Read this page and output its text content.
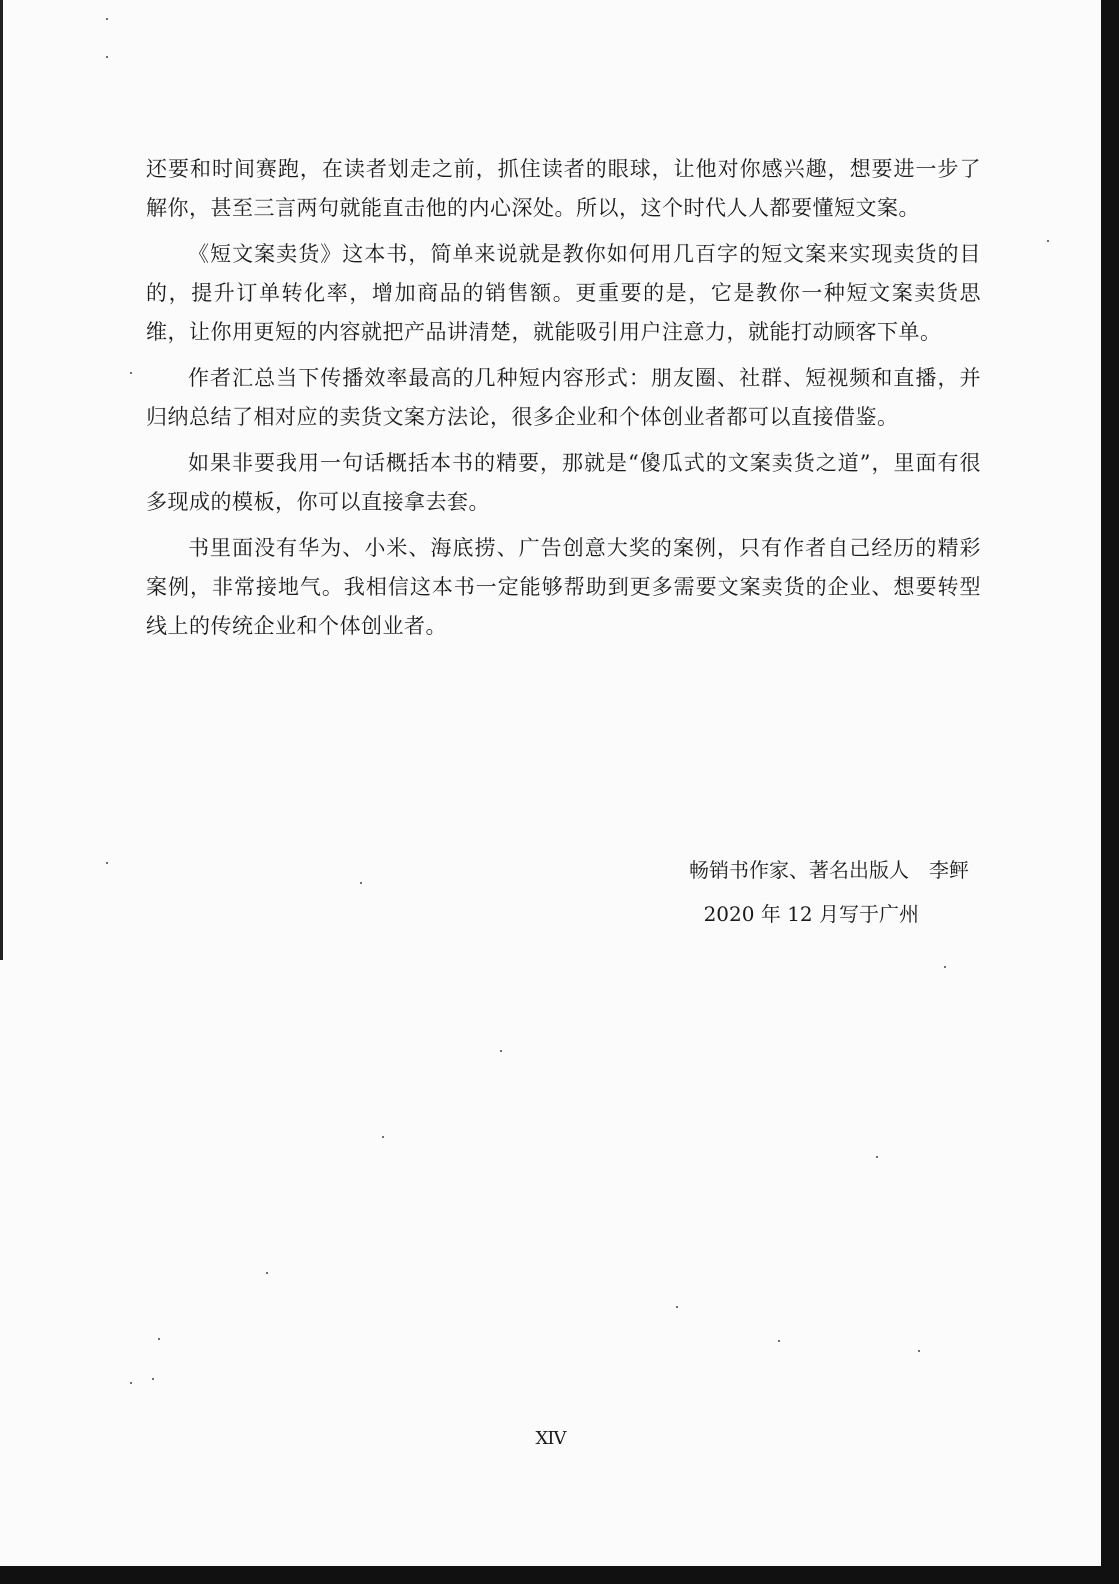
还要和时间赛跑，在读者划走之前，抓住读者的眼球，让他对你感兴趣，想要进一步了解你，甚至三言两句就能直击他的内心深处。所以，这个时代人人都要懂短文案。

《短文案卖货》这本书，简单来说就是教你如何用几百字的短文案来实现卖货的目的，提升订单转化率，增加商品的销售额。更重要的是，它是教你一种短文案卖货思维，让你用更短的内容就把产品讲清楚，就能吸引用户注意力，就能打动顾客下单。

作者汇总当下传播效率最高的几种短内容形式：朋友圈、社群、短视频和直播，并归纳总结了相对应的卖货文案方法论，很多企业和个体创业者都可以直接借鉴。

如果非要我用一句话概括本书的精要，那就是“傻瓜式的文案卖货之道”，里面有很多现成的模板，你可以直接拿去套。

书里面没有华为、小米、海底捞、广告创意大奖的案例，只有作者自己经历的精彩案例，非常接地气。我相信这本书一定能够帮助到更多需要文案卖货的企业、想要转型线上的传统企业和个体创业者。

畅销书作家、著名出版人　李鲆
2020 年 12 月写于广州
XIV
